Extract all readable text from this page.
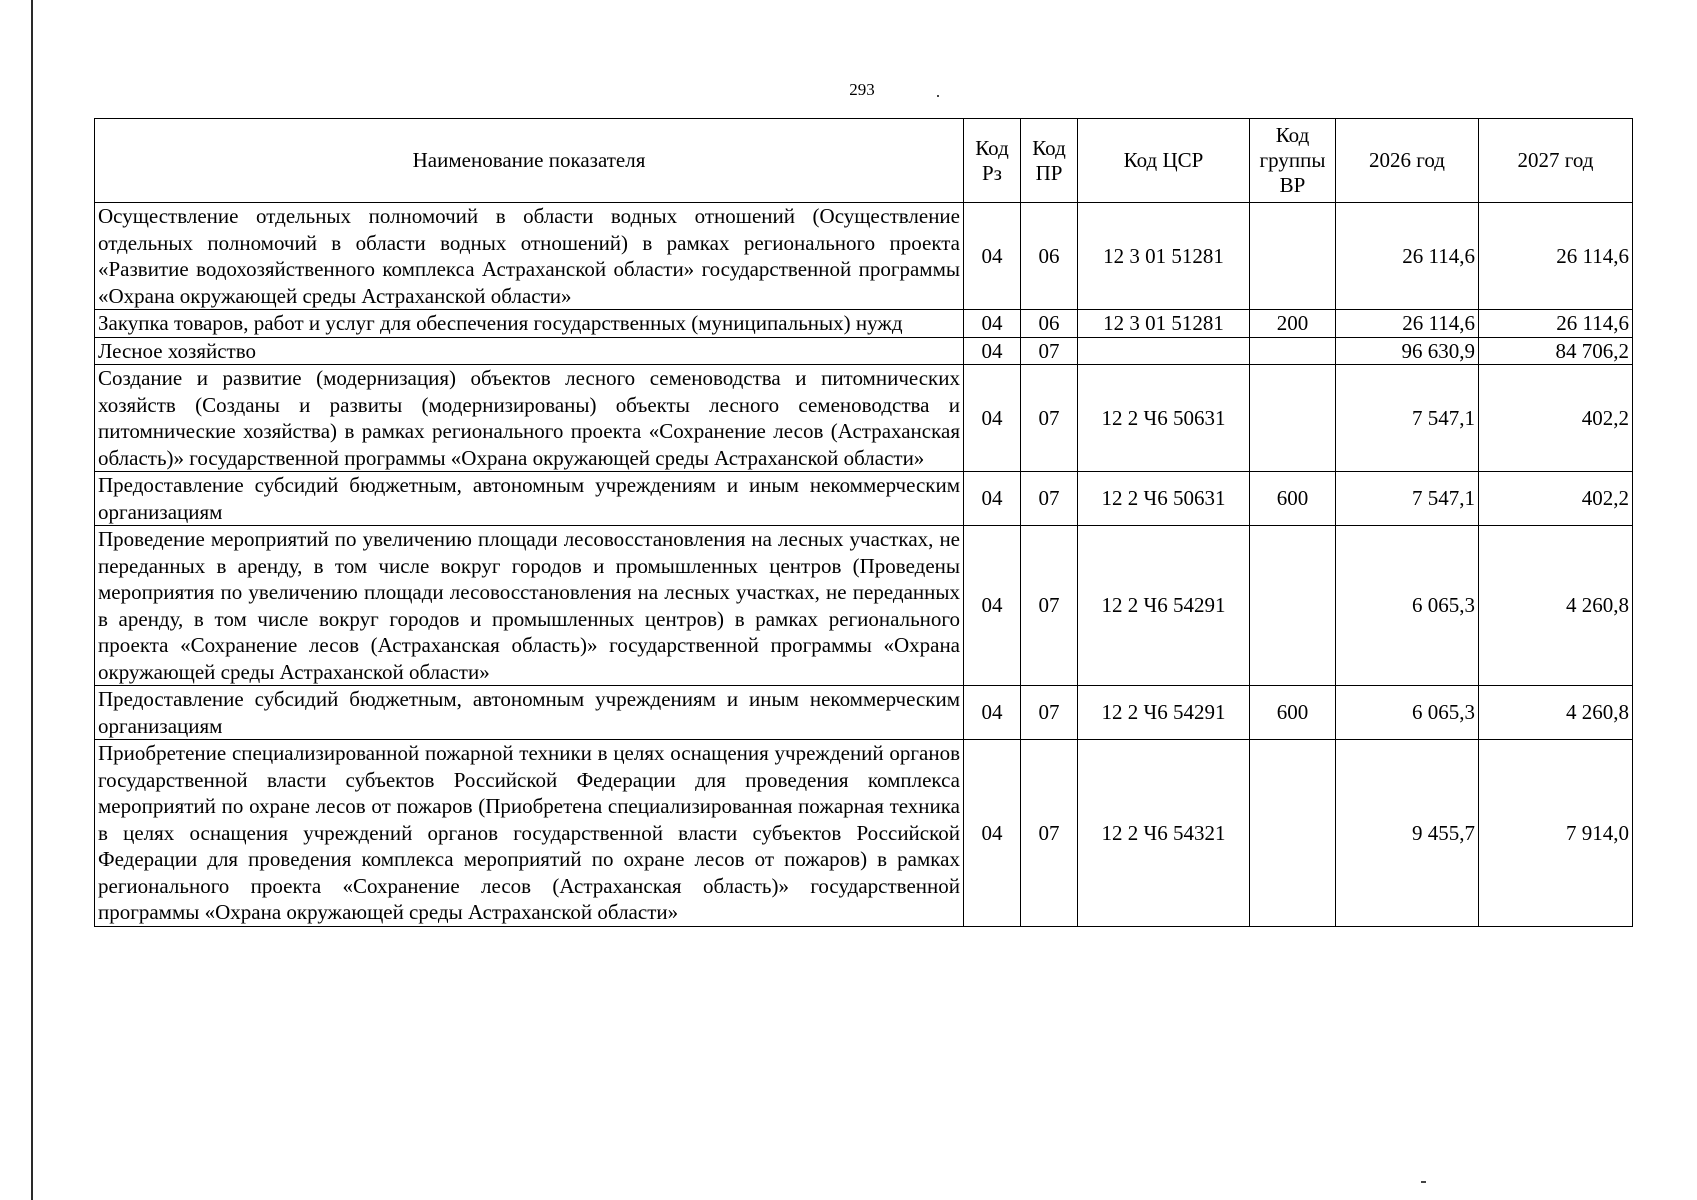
293
Наименование показателя	Код Рз	Код ПР	Код ЦСР	Код группы ВР	2026 год	2027 год
Осуществление отдельных полномочий в области водных отношений (Осуществление отдельных полномочий в области водных отношений) в рамках регионального проекта «Развитие водохозяйственного комплекса Астраханской области» государственной программы «Охрана окружающей среды Астраханской области»	04	06	12 3 01 51281		26 114,6	26 114,6
Закупка товаров, работ и услуг для обеспечения государственных (муниципальных) нужд	04	06	12 3 01 51281	200	26 114,6	26 114,6
Лесное хозяйство	04	07			96 630,9	84 706,2
Создание и развитие (модернизация) объектов лесного семеноводства и питомнических хозяйств (Созданы и развиты (модернизированы) объекты лесного семеноводства и питомнические хозяйства) в рамках регионального проекта «Сохранение лесов (Астраханская область)» государственной программы «Охрана окружающей среды Астраханской области»	04	07	12 2 Ч6 50631		7 547,1	402,2
Предоставление субсидий бюджетным, автономным учреждениям и иным некоммерческим организациям	04	07	12 2 Ч6 50631	600	7 547,1	402,2
Проведение мероприятий по увеличению площади лесовосстановления на лесных участках, не переданных в аренду, в том числе вокруг городов и промышленных центров (Проведены мероприятия по увеличению площади лесовосстановления на лесных участках, не переданных в аренду, в том числе вокруг городов и промышленных центров) в рамках регионального проекта «Сохранение лесов (Астраханская область)» государственной программы «Охрана окружающей среды Астраханской области»	04	07	12 2 Ч6 54291		6 065,3	4 260,8
Предоставление субсидий бюджетным, автономным учреждениям и иным некоммерческим организациям	04	07	12 2 Ч6 54291	600	6 065,3	4 260,8
Приобретение специализированной пожарной техники в целях оснащения учреждений органов государственной власти субъектов Российской Федерации для проведения комплекса мероприятий по охране лесов от пожаров (Приобретена специализированная пожарная техника в целях оснащения учреждений органов государственной власти субъектов Российской Федерации для проведения комплекса мероприятий по охране лесов от пожаров) в рамках регионального проекта «Сохранение лесов (Астраханская область)» государственной программы «Охрана окружающей среды Астраханской области»	04	07	12 2 Ч6 54321		9 455,7	7 914,0
